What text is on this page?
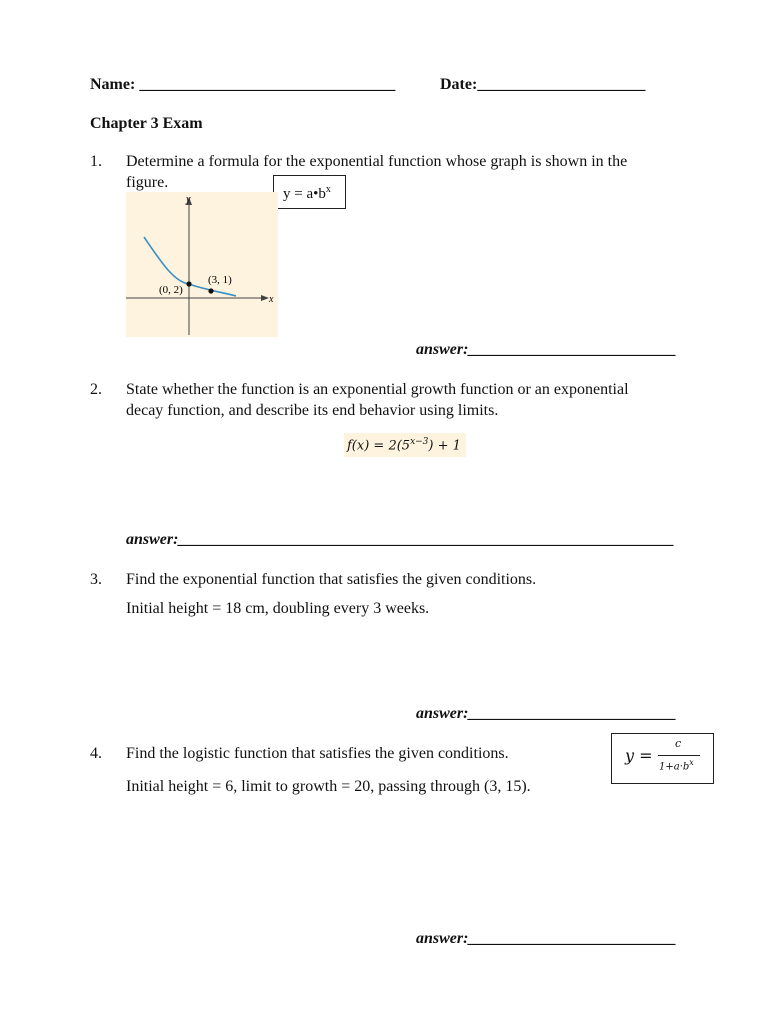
Name: ________________________________	Date:_____________________
Chapter 3 Exam
1. Determine a formula for the exponential function whose graph is shown in the
figure.
$y = a•b^x$
y
x
(0, 2)
(3, 1)
answer:__________________________
2. State whether the function is an exponential growth function or an exponential
decay function, and describe its end behavior using limits.
$f(x) = 2(5^{x-3}) + 1$
answer:______________________________________________________________
3. Find the exponential function that satisfies the given conditions.
Initial height = 18 cm, doubling every 3 weeks.
answer:__________________________
4. Find the logistic function that satisfies the given conditions.
Initial height = 6, limit to growth = 20, passing through (3, 15).
y =
c
$1+a\cdot b^x$
answer:__________________________
